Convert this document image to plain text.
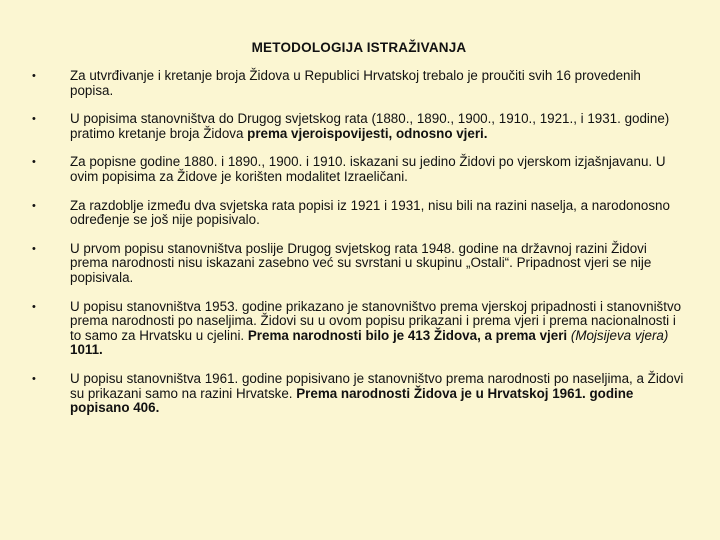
METODOLOGIJA ISTRAŽIVANJA
•	Za utvrđivanje i kretanje broja Židova u Republici Hrvatskoj trebalo je proučiti svih 16 provedenih popisa.
•	U popisima stanovništva do Drugog svjetskog rata (1880., 1890., 1900., 1910., 1921., i 1931. godine) pratimo kretanje broja Židova prema vjeroispovijesti, odnosno vjeri.
•	Za popisne godine 1880. i 1890., 1900. i 1910. iskazani su jedino Židovi po vjerskom izjašnjavanu. U ovim popisima za Židove je korišten modalitet Izraeličani.
•	Za razdoblje između dva svjetska rata popisi iz 1921 i 1931, nisu bili na razini naselja, a narodonosno određenje se još nije popisivalo.
•	U prvom popisu stanovništva poslije Drugog svjetskog rata 1948. godine na državnoj razini Židovi prema narodnosti nisu iskazani zasebno već su svrstani u skupinu „Ostali“. Pripadnost vjeri se nije popisivala.
•	U popisu stanovništva 1953. godine prikazano je stanovništvo prema vjerskoj pripadnosti i stanovništvo prema narodnosti po naseljima. Židovi su u ovom popisu prikazani i prema vjeri i prema nacionalnosti i to samo za Hrvatsku u cjelini. Prema narodnosti bilo je 413 Židova, a prema vjeri (Mojsijeva vjera) 1011.
•	U popisu stanovništva 1961. godine popisivano je stanovništvo prema narodnosti po naseljima, a Židovi su prikazani samo na razini Hrvatske. Prema narodnosti Židova je u Hrvatskoj 1961. godine popisano 406.
